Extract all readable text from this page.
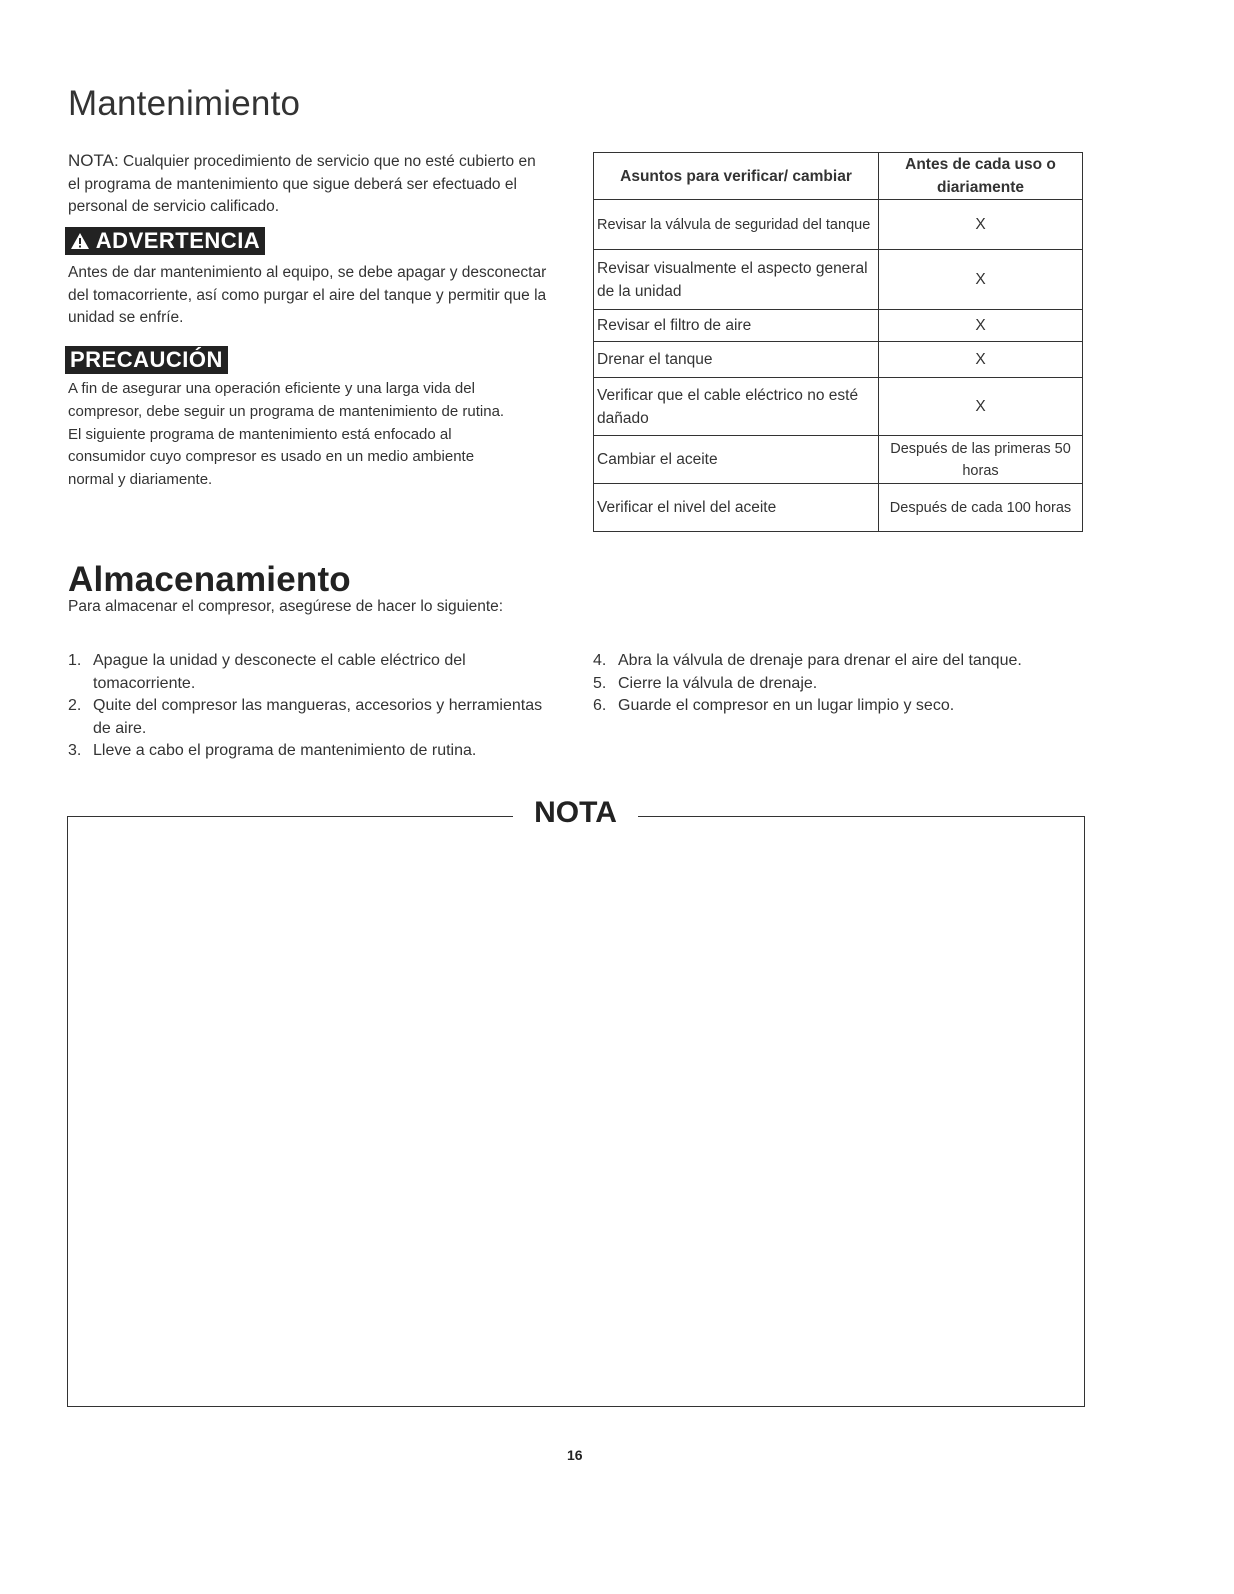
Mantenimiento
NOTA: Cualquier procedimiento de servicio que no esté cubierto en el programa de mantenimiento que sigue deberá ser efectuado el personal de servicio calificado.
ADVERTENCIA
Antes de dar mantenimiento al equipo, se debe apagar y desconectar del tomacorriente, así como purgar el aire del tanque y permitir que la unidad se enfríe.
PRECAUCIÓN
A fin de asegurar una operación eficiente y una larga vida del compresor, debe seguir un programa de mantenimiento de rutina. El siguiente programa de mantenimiento está enfocado al consumidor cuyo compresor es usado en un medio ambiente normal y diariamente.
Asuntos para verificar/ cambiar	Antes de cada uso o diariamente
Revisar la válvula de seguridad del tanque	X
Revisar visualmente el aspecto general de la unidad	X
Revisar el filtro de aire	X
Drenar el tanque	X
Verificar que el cable eléctrico no esté dañado	X
Cambiar el aceite	Después de las primeras 50 horas
Verificar el nivel del aceite	Después de cada 100 horas
Almacenamiento
Para almacenar el compresor, asegúrese de hacer lo siguiente:
1. Apague la unidad y desconecte el cable eléctrico del tomacorriente.
2. Quite del compresor las mangueras, accesorios y herramientas de aire.
3. Lleve a cabo el programa de mantenimiento de rutina.
4. Abra la válvula de drenaje para drenar el aire del tanque.
5. Cierre la válvula de drenaje.
6. Guarde el compresor en un lugar limpio y seco.
NOTA
16
